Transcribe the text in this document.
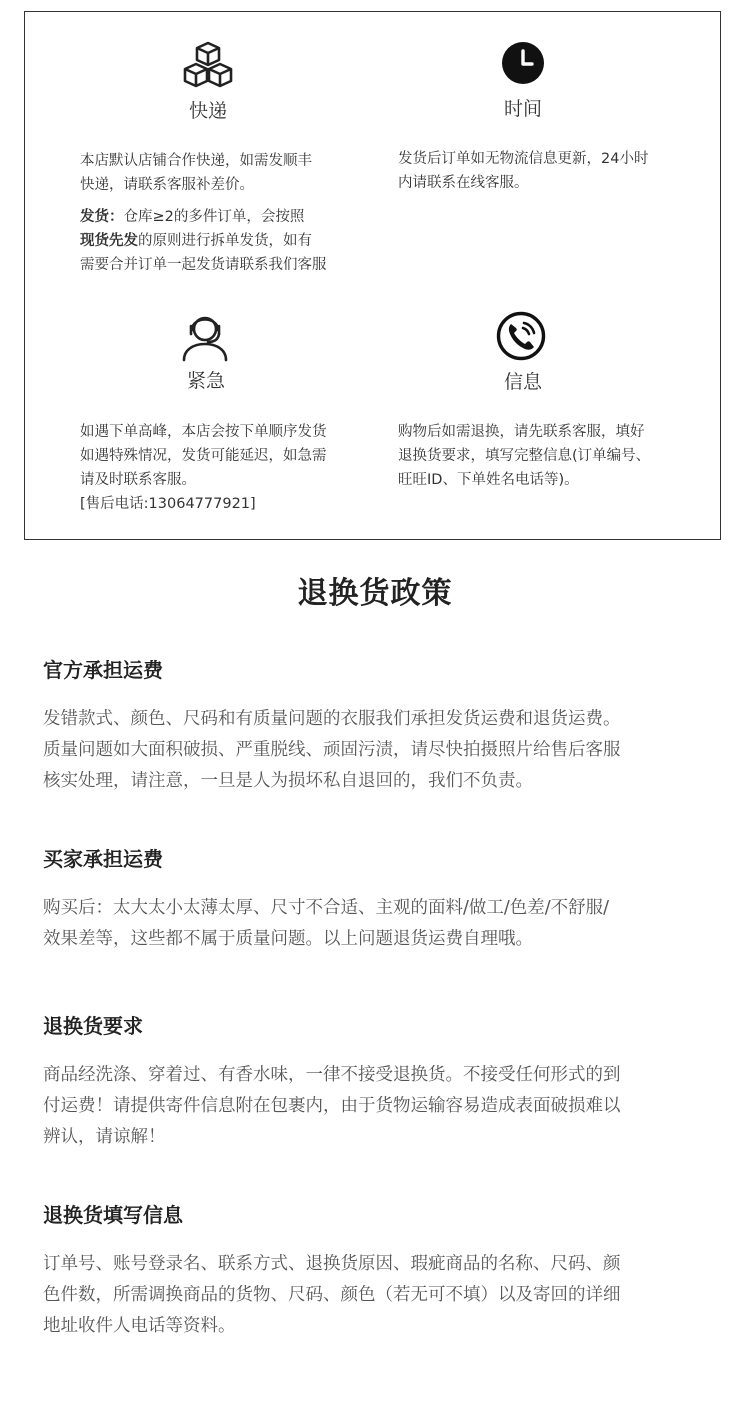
快递

本店默认店铺合作快递，如需发顺丰

快递，请联系客服补差价。

发货：仓库≥2的多件订单，会按照

现货先发的原则进行拆单发货，如有

需要合并订单一起发货请联系我们客服

时间

发货后订单如无物流信息更新，24小时

内请联系在线客服。

紧急

如遇下单高峰，本店会按下单顺序发货

如遇特殊情况，发货可能延迟，如急需

请及时联系客服。

[售后电话:13064777921]

信息

购物后如需退换，请先联系客服，填好

退换货要求，填写完整信息(订单编号、

旺旺ID、下单姓名电话等)。

退换货政策
官方承担运费
发错款式、颜色、尺码和有质量问题的衣服我们承担发货运费和退货运费。
质量问题如大面积破损、严重脱线、顽固污渍，请尽快拍摄照片给售后客服
核实处理，请注意，一旦是人为损坏私自退回的，我们不负责。
买家承担运费
购买后：太大太小太薄太厚、尺寸不合适、主观的面料/做工/色差/不舒服/
效果差等，这些都不属于质量问题。以上问题退货运费自理哦。
退换货要求
商品经洗涤、穿着过、有香水味，一律不接受退换货。不接受任何形式的到
付运费！请提供寄件信息附在包裹内，由于货物运输容易造成表面破损难以
辨认，请谅解！
退换货填写信息
订单号、账号登录名、联系方式、退换货原因、瑕疵商品的名称、尺码、颜
色件数，所需调换商品的货物、尺码、颜色（若无可不填）以及寄回的详细
地址收件人电话等资料。
